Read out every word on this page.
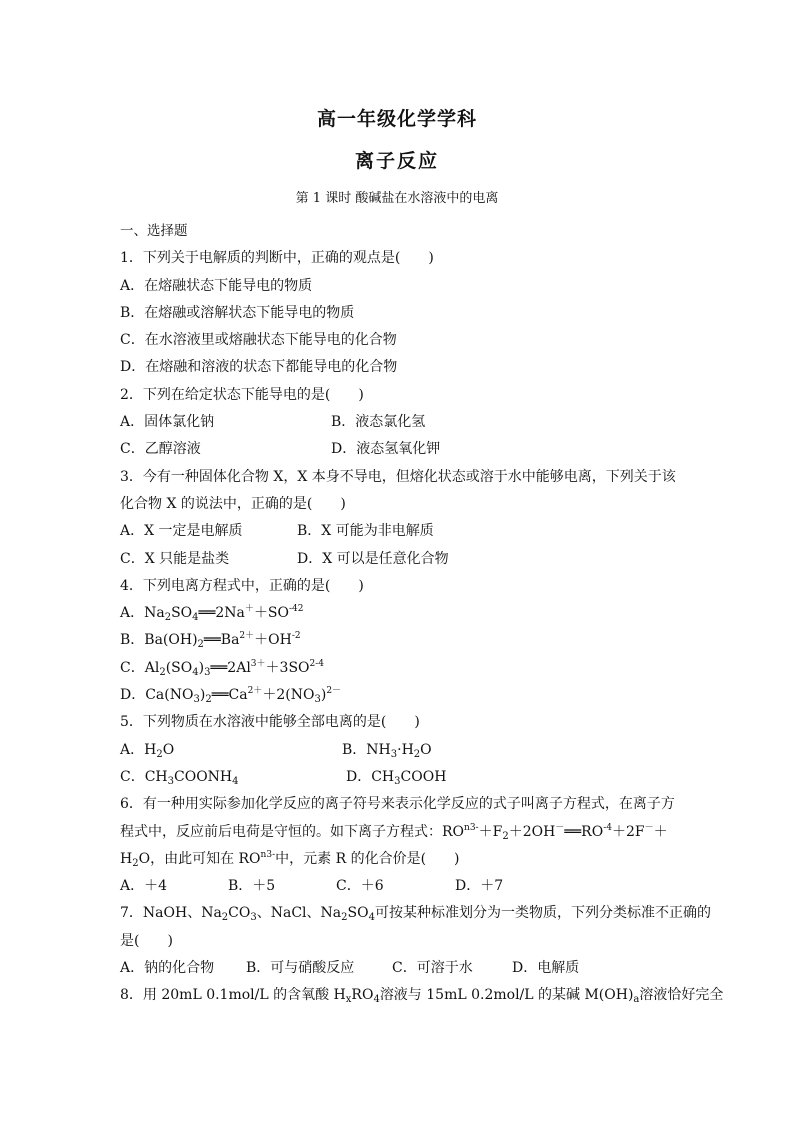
高一年级化学学科
离子反应
第 1 课时 酸碱盐在水溶液中的电离
一、选择题
1．下列关于电解质的判断中，正确的观点是(　　)
A．在熔融状态下能导电的物质
B．在熔融或溶解状态下能导电的物质
C．在水溶液里或熔融状态下能导电的化合物
D．在熔融和溶液的状态下都能导电的化合物
2．下列在给定状态下能导电的是(　　)
A．固体氯化钠	B．液态氯化氢
C．乙醇溶液	D．液态氢氧化钾
3．今有一种固体化合物 X，X 本身不导电，但熔化状态或溶于水中能够电离，下列关于该
化合物 X 的说法中，正确的是(　　)
A．X 一定是电解质	B．X 可能为非电解质
C．X 只能是盐类	D．X 可以是任意化合物
4．下列电离方程式中，正确的是(　　)
A．$Na_2SO_4══2Na^++SO^{-42}$
B．$Ba(OH)_2══Ba^{2+}+OH^{-2}$
C．$Al_2(SO_4)_3══2Al^{3+}+3SO^{2-4}$
D．$Ca(NO_3)_2══Ca^{2+}+2(NO_3)^{2-}$
5．下列物质在水溶液中能够全部电离的是(　　)
A．$H_2O$	B．$NH_3\cdot H_2O$
C．$CH_3COONH_4$	D．$CH_3COOH$
6．有一种用实际参加化学反应的离子符号来表示化学反应的式子叫离子方程式，在离子方
程式中，反应前后电荷是守恒的。如下离子方程式：$RO^{n3-}+F_2+2OH^-══RO^{-4}+2F^-+$
$H_2O$，由此可知在 $RO^{n3-}$中，元素 R 的化合价是(　　)
A．＋4	B．＋5	C．＋6	D．＋7
7．NaOH、$Na_2CO_3$、NaCl、$Na_2SO_4$可按某种标准划分为一类物质，下列分类标准不正确的
是(　　)
A．钠的化合物 B．可与硝酸反应	C．可溶于水	D．电解质
8．用 20mL 0.1mol/L 的含氧酸 $H_xRO_4$溶液与 15mL 0.2mol/L 的某碱 $M(OH)_a$溶液恰好完全
